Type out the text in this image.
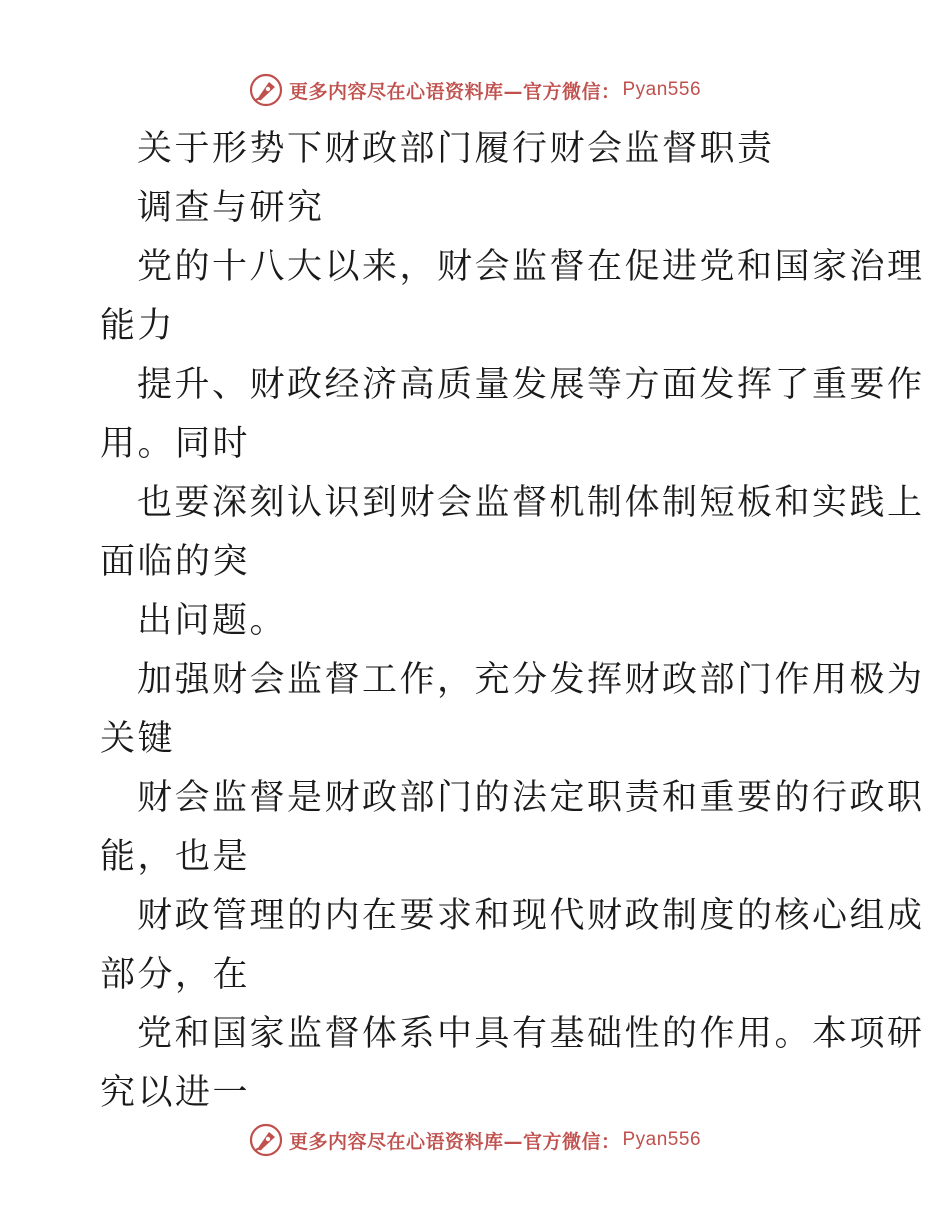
更多内容尽在心语资料库—官方微信： Pyan556
关于形势下财政部门履行财会监督职责
调查与研究
党的十八大以来，财会监督在促进党和国家治理
能力
提升、财政经济高质量发展等方面发挥了重要作
用。同时
也要深刻认识到财会监督机制体制短板和实践上
面临的突
出问题。
加强财会监督工作，充分发挥财政部门作用极为
关键
财会监督是财政部门的法定职责和重要的行政职
能，也是
财政管理的内在要求和现代财政制度的核心组成
部分，在
党和国家监督体系中具有基础性的作用。本项研
究以进一
更多内容尽在心语资料库—官方微信： Pyan556
